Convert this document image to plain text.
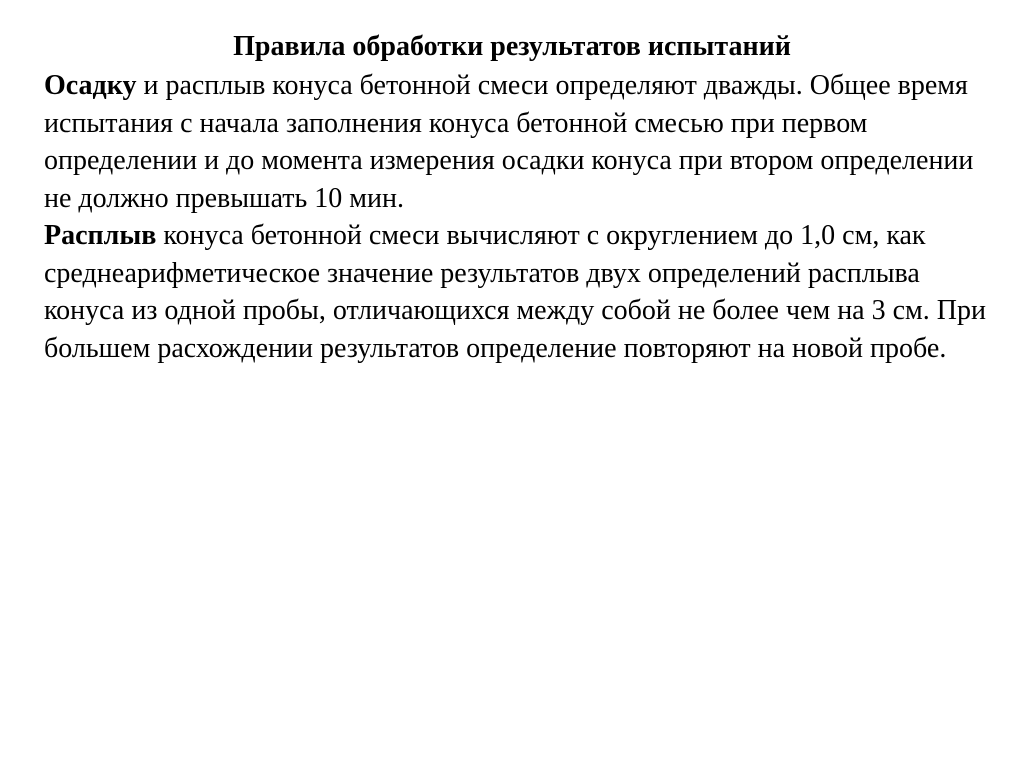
Правила обработки результатов испытаний

Осадку и расплыв конуса бетонной смеси определяют дважды. Общее время испытания с начала заполнения конуса бетонной смесью при первом определении и до момента измерения осадки конуса при втором определении не должно превышать 10 мин.

Расплыв конуса бетонной смеси вычисляют с округлением до 1,0 см, как среднеарифметическое значение результатов двух определений расплыва конуса из одной пробы, отличающихся между собой не более чем на 3 см. При большем расхождении результатов определение повторяют на новой пробе.
